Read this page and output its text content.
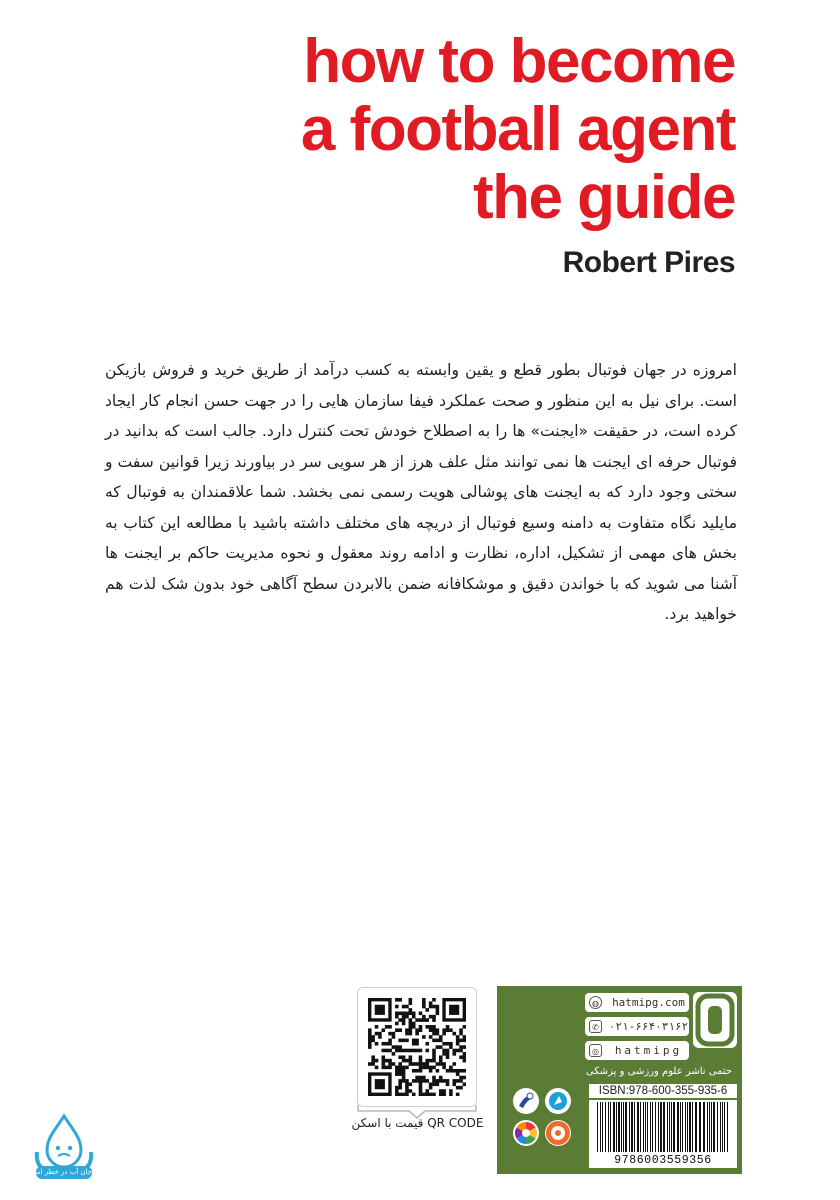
how to become
a football agent
the guide
Robert Pires
امروزه در جهان فوتبال بطور قطع و یقین وابسته به کسب درآمد از طریق خرید و فروش بازیکن است. برای نیل به این منظور و صحت عملکرد فیفا سازمان هایی را در جهت حسن انجام کار ایجاد کرده است، در حقیقت «ایجنت» ها را به اصطلاح خودش تحت کنترل دارد. جالب است که بدانید در فوتبال حرفه ای ایجنت ها نمی توانند مثل علف هرز از هر سویی سر در بیاورند زیرا قوانین سفت و سختی وجود دارد که به ایجنت های پوشالی هویت رسمی نمی بخشد. شما علاقمندان به فوتبال که مایلید نگاه متفاوت به دامنه وسیع فوتبال از دریچه های مختلف داشته باشید با مطالعه این کتاب به بخش های مهمی از تشکیل، اداره، نظارت و ادامه روند معقول و نحوه مدیریت حاکم بر ایجنت ها آشنا می شوید که با خواندن دقیق و موشکافانه ضمن بالابردن سطح آگاهی خود بدون شک لذت هم خواهید برد.
قیمت با اسکن QR CODE
◍	hatmipg.com
✆ ۰۲۱-۶۶۴۰۳۱۶۲
◎	hatmipg
حتمی ناشر علوم ورزشی و پزشکی
ISBN:978-600-355-935-6
9786003559356
جان آب در خطر است
